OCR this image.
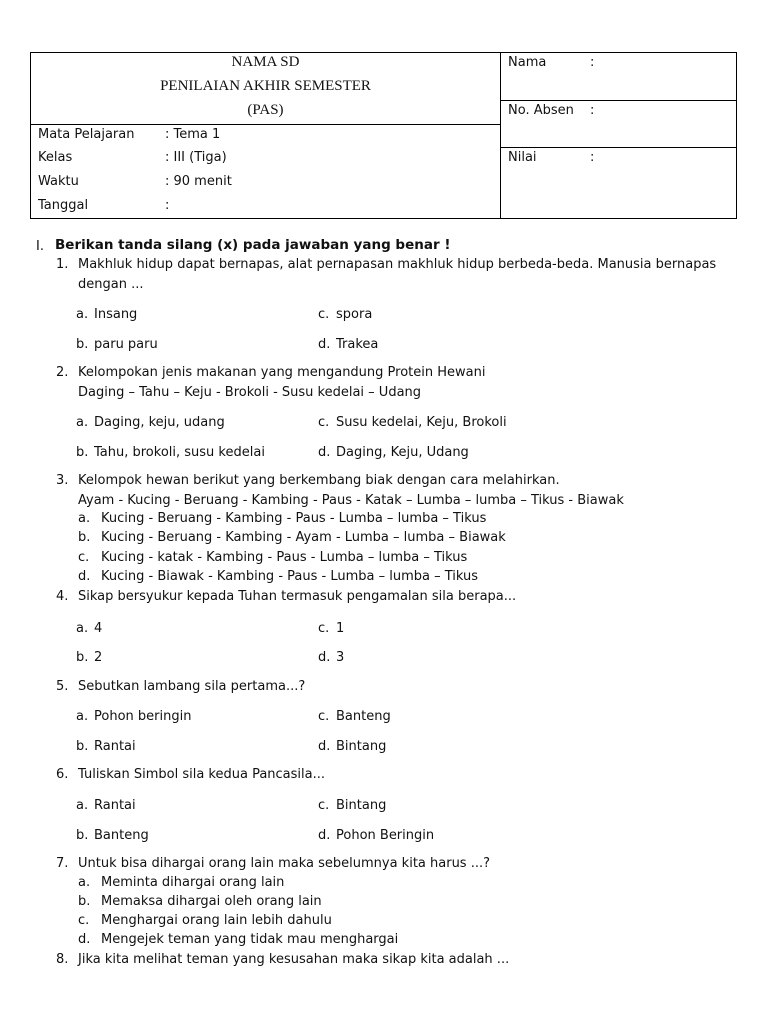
NAMA SD
PENILAIAN AKHIR SEMESTER
(PAS)
Mata Pelajaran : Tema 1
Kelas	: III (Tiga)
Waktu	: 90 menit
Tanggal	:
Nama	:
No. Absen :
Nilai	:
I. Berikan tanda silang (x) pada jawaban yang benar !
1. Makhluk hidup dapat bernapas, alat pernapasan makhluk hidup berbeda-beda. Manusia bernapas
dengan ...
a. Insang	c. spora
b. paru paru	d. Trakea
2. Kelompokan jenis makanan yang mengandung Protein Hewani
Daging – Tahu – Keju - Brokoli - Susu kedelai – Udang
a. Daging, keju, udang	c. Susu kedelai, Keju, Brokoli
b. Tahu, brokoli, susu kedelai	d. Daging, Keju, Udang
3. Kelompok hewan berikut yang berkembang biak dengan cara melahirkan.
Ayam - Kucing - Beruang - Kambing - Paus - Katak – Lumba – lumba – Tikus - Biawak
a. Kucing - Beruang - Kambing - Paus - Lumba – lumba – Tikus
b. Kucing - Beruang - Kambing - Ayam - Lumba – lumba – Biawak
c. Kucing - katak - Kambing - Paus - Lumba – lumba – Tikus
d. Kucing - Biawak - Kambing - Paus - Lumba – lumba – Tikus
4. Sikap bersyukur kepada Tuhan termasuk pengamalan sila berapa...
a. 4	c. 1
b. 2	d. 3
5. Sebutkan lambang sila pertama...?
a. Pohon beringin	c. Banteng
b. Rantai	d. Bintang
6. Tuliskan Simbol sila kedua Pancasila...
a. Rantai	c. Bintang
b. Banteng	d. Pohon Beringin
7. Untuk bisa dihargai orang lain maka sebelumnya kita harus ...?
a. Meminta dihargai orang lain
b. Memaksa dihargai oleh orang lain
c. Menghargai orang lain lebih dahulu
d. Mengejek teman yang tidak mau menghargai
8. Jika kita melihat teman yang kesusahan maka sikap kita adalah ...
